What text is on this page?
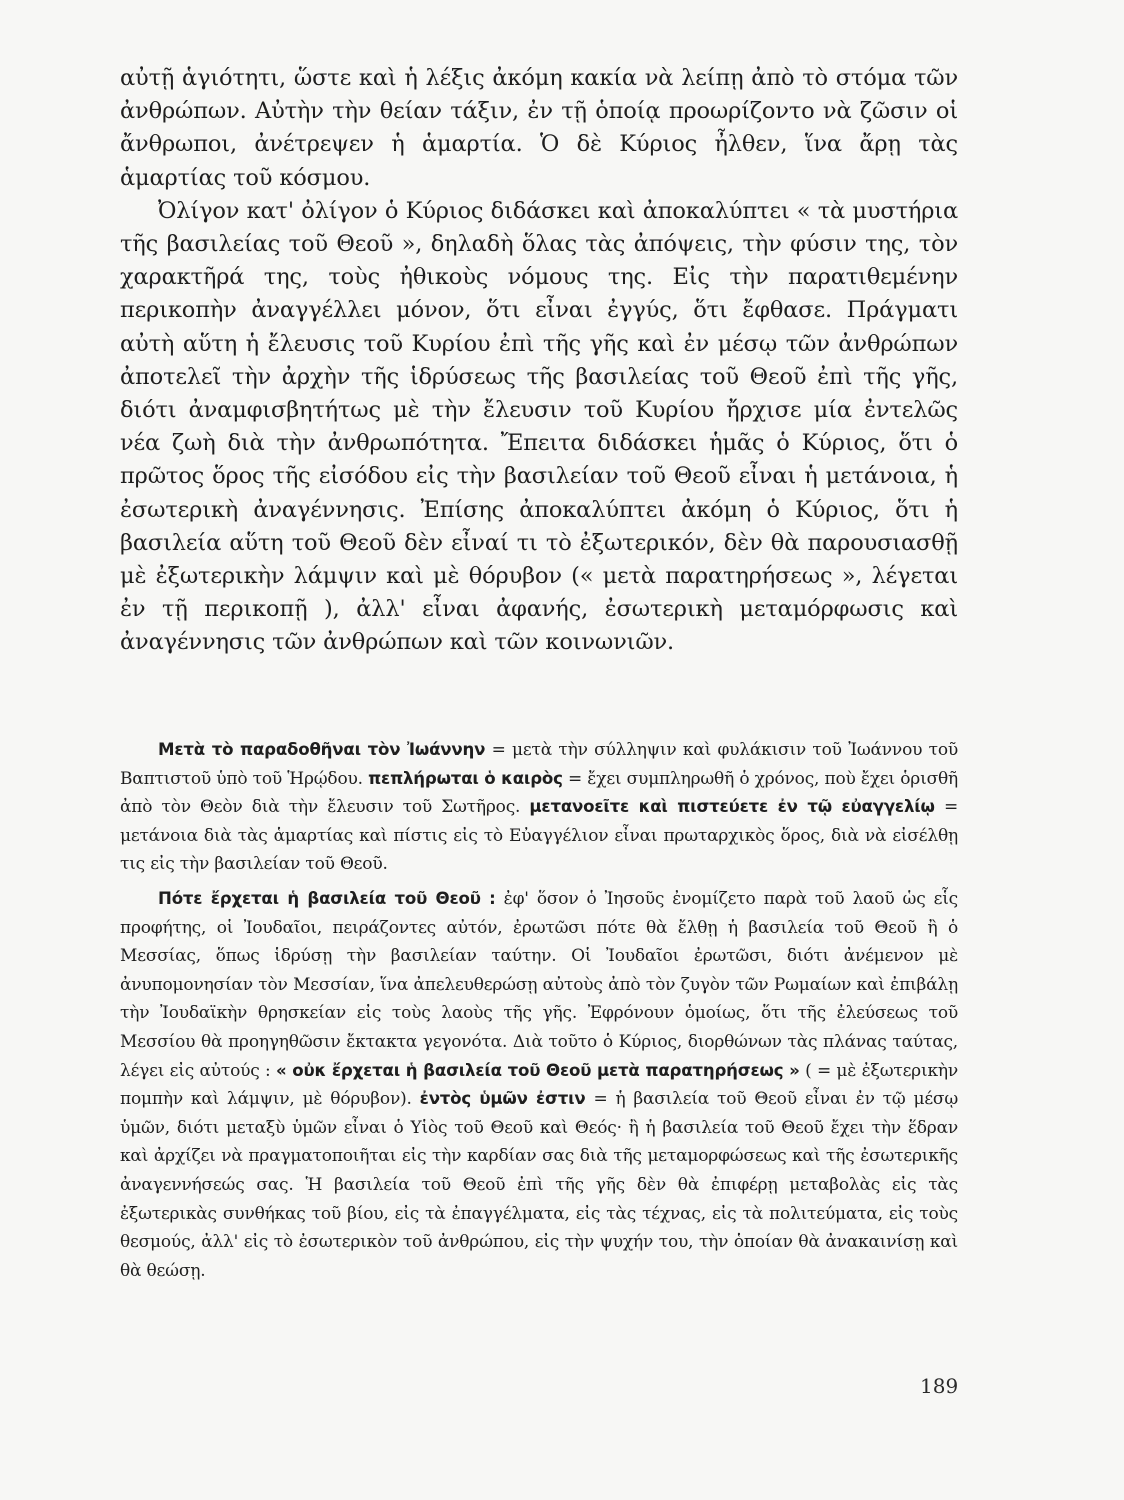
αὐτῇ ἁγιότητι, ὥστε καὶ ἡ λέξις ἀκόμη κακία νὰ λείπῃ ἀπὸ τὸ στόμα τῶν ἀνθρώπων. Αὐτὴν τὴν θείαν τάξιν, ἐν τῇ ὁποίᾳ προωρίζοντο νὰ ζῶσιν οἱ ἄνθρωποι, ἀνέτρεψεν ἡ ἁμαρτία. Ὁ δὲ Κύριος ἦλθεν, ἵνα ἄρῃ τὰς ἁμαρτίας τοῦ κόσμου.

Ὀλίγον κατ' ὀλίγον ὁ Κύριος διδάσκει καὶ ἀποκαλύπτει « τὰ μυστήρια τῆς βασιλείας τοῦ Θεοῦ », δηλαδὴ ὅλας τὰς ἀπόψεις, τὴν φύσιν της, τὸν χαρακτῆρά της, τοὺς ἠθικοὺς νόμους της. Εἰς τὴν παρατιθεμένην περικοπὴν ἀναγγέλλει μόνον, ὅτι εἶναι ἐγγύς, ὅτι ἔφθασε. Πράγματι αὐτὴ αὕτη ἡ ἔλευσις τοῦ Κυρίου ἐπὶ τῆς γῆς καὶ ἐν μέσῳ τῶν ἀνθρώπων ἀποτελεῖ τὴν ἀρχὴν τῆς ἱδρύσεως τῆς βασιλείας τοῦ Θεοῦ ἐπὶ τῆς γῆς, διότι ἀναμφισβητήτως μὲ τὴν ἔλευσιν τοῦ Κυρίου ἤρχισε μία ἐντελῶς νέα ζωὴ διὰ τὴν ἀνθρωπότητα. Ἔπειτα διδάσκει ἡμᾶς ὁ Κύριος, ὅτι ὁ πρῶτος ὅρος τῆς εἰσόδου εἰς τὴν βασιλείαν τοῦ Θεοῦ εἶναι ἡ μετάνοια, ἡ ἐσωτερικὴ ἀναγέννησις. Ἐπίσης ἀποκαλύπτει ἀκόμη ὁ Κύριος, ὅτι ἡ βασιλεία αὕτη τοῦ Θεοῦ δὲν εἶναί τι τὸ ἐξωτερικόν, δὲν θὰ παρουσιασθῇ μὲ ἐξωτερικὴν λάμψιν καὶ μὲ θόρυβον (« μετὰ παρατηρήσεως », λέγεται ἐν τῇ περικοπῇ ), ἀλλ' εἶναι ἀφανής, ἐσωτερικὴ μεταμόρφωσις καὶ ἀναγέννησις τῶν ἀνθρώπων καὶ τῶν κοινωνιῶν.

Μετὰ τὸ παραδοθῆναι τὸν Ἰωάννην = μετὰ τὴν σύλληψιν καὶ φυλάκισιν τοῦ Ἰωάννου τοῦ Βαπτιστοῦ ὑπὸ τοῦ Ἡρῴδου. πεπλήρωται ὁ καιρὸς = ἔχει συμπληρωθῆ ὁ χρόνος, ποὺ ἔχει ὁρισθῆ ἀπὸ τὸν Θεὸν διὰ τὴν ἔλευσιν τοῦ Σωτῆρος. μετανοεῖτε καὶ πιστεύετε ἐν τῷ εὐαγγελίῳ = μετάνοια διὰ τὰς ἁμαρτίας καὶ πίστις εἰς τὸ Εὐαγγέλιον εἶναι πρωταρχικὸς ὅρος, διὰ νὰ εἰσέλθῃ τις εἰς τὴν βασιλείαν τοῦ Θεοῦ.

Πότε ἔρχεται ἡ βασιλεία τοῦ Θεοῦ : ἐφ' ὅσον ὁ Ἰησοῦς ἐνομίζετο παρὰ τοῦ λαοῦ ὡς εἷς προφήτης, οἱ Ἰουδαῖοι, πειράζοντες αὐτόν, ἐρωτῶσι πότε θὰ ἔλθῃ ἡ βασιλεία τοῦ Θεοῦ ἢ ὁ Μεσσίας, ὅπως ἱδρύσῃ τὴν βασιλείαν ταύτην. Οἱ Ἰουδαῖοι ἐρωτῶσι, διότι ἀνέμενον μὲ ἀνυπομονησίαν τὸν Μεσσίαν, ἵνα ἀπελευθερώσῃ αὐτοὺς ἀπὸ τὸν ζυγὸν τῶν Ρωμαίων καὶ ἐπιβάλῃ τὴν Ἰουδαϊκὴν θρησκείαν εἰς τοὺς λαοὺς τῆς γῆς. Ἐφρόνουν ὁμοίως, ὅτι τῆς ἐλεύσεως τοῦ Μεσσίου θὰ προηγηθῶσιν ἔκτακτα γεγονότα. Διὰ τοῦτο ὁ Κύριος, διορθώνων τὰς πλάνας ταύτας, λέγει εἰς αὐτούς : « οὐκ ἔρχεται ἡ βασιλεία τοῦ Θεοῦ μετὰ παρατηρήσεως » ( = μὲ ἐξωτερικὴν πομπὴν καὶ λάμψιν, μὲ θόρυβον). ἐντὸς ὑμῶν ἐστιν = ἡ βασιλεία τοῦ Θεοῦ εἶναι ἐν τῷ μέσῳ ὑμῶν, διότι μεταξὺ ὑμῶν εἶναι ὁ Υἱὸς τοῦ Θεοῦ καὶ Θεός· ἢ ἡ βασιλεία τοῦ Θεοῦ ἔχει τὴν ἕδραν καὶ ἀρχίζει νὰ πραγματοποιῆται εἰς τὴν καρδίαν σας διὰ τῆς μεταμορφώσεως καὶ τῆς ἐσωτερικῆς ἀναγεννήσεώς σας. Ἡ βασιλεία τοῦ Θεοῦ ἐπὶ τῆς γῆς δὲν θὰ ἐπιφέρῃ μεταβολὰς εἰς τὰς ἐξωτερικὰς συνθήκας τοῦ βίου, εἰς τὰ ἐπαγγέλματα, εἰς τὰς τέχνας, εἰς τὰ πολιτεύματα, εἰς τοὺς θεσμούς, ἀλλ' εἰς τὸ ἐσωτερικὸν τοῦ ἀνθρώπου, εἰς τὴν ψυχήν του, τὴν ὁποίαν θὰ ἀνακαινίσῃ καὶ θὰ θεώσῃ.

189
